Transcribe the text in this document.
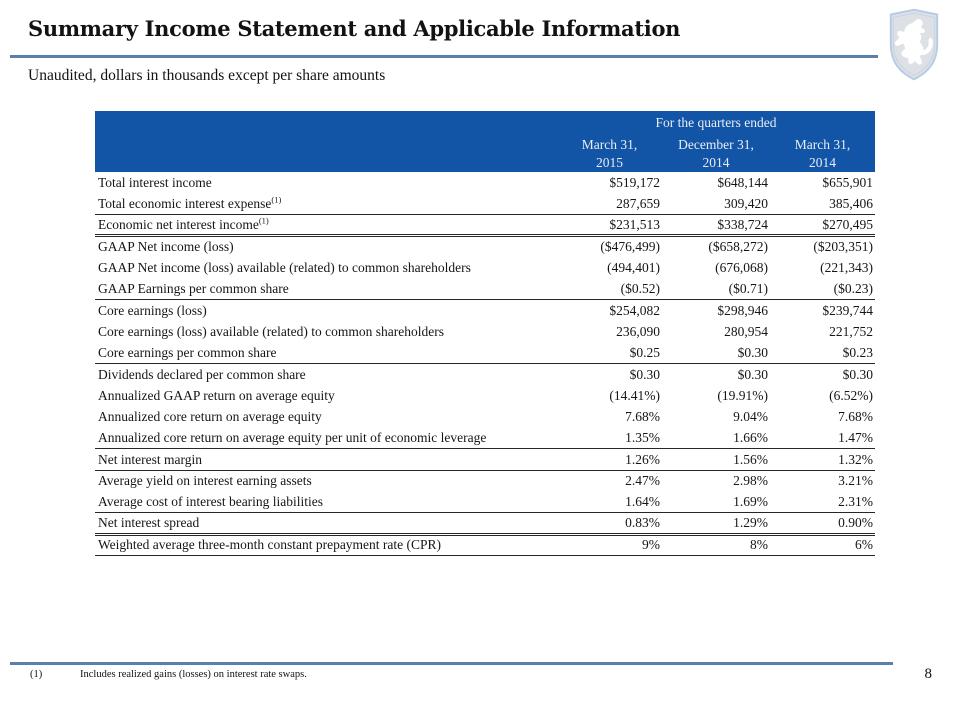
Summary Income Statement and Applicable Information
Unaudited, dollars in thousands except per share amounts
	For the quarters ended		

March 31,
2015

December 31,
2014

March 31,
2014

Total interest income	$519,172	$648,144	$655,901
Total economic interest expense$^{(1)}$	287,659	309,420	385,406
Economic net interest income$^{(1)}$	$231,513	$338,724	$270,495
GAAP Net income (loss)	($476,499)	($658,272)	($203,351)
GAAP Net income (loss) available (related) to common shareholders	(494,401)	(676,068)	(221,343)
GAAP Earnings per common share	($0.52)	($0.71)	($0.23)
Core earnings (loss)	$254,082	$298,946	$239,744
Core earnings (loss) available (related) to common shareholders	236,090	280,954	221,752
Core earnings per common share	$0.25	$0.30	$0.23
Dividends declared per common share	$0.30	$0.30	$0.30
Annualized GAAP return on average equity	(14.41%)	(19.91%)	(6.52%)
Annualized core return on average equity	7.68%	9.04%	7.68%
Annualized core return on average equity per unit of economic leverage	1.35%	1.66%	1.47%
Net interest margin	1.26%	1.56%	1.32%
Average yield on interest earning assets	2.47%	2.98%	3.21%
Average cost of interest bearing liabilities	1.64%	1.69%	2.31%
Net interest spread	0.83%	1.29%	0.90%
Weighted average three-month constant prepayment rate (CPR)	9%	8%	6%
(1)	Includes realized gains (losses) on interest rate swaps.	8
